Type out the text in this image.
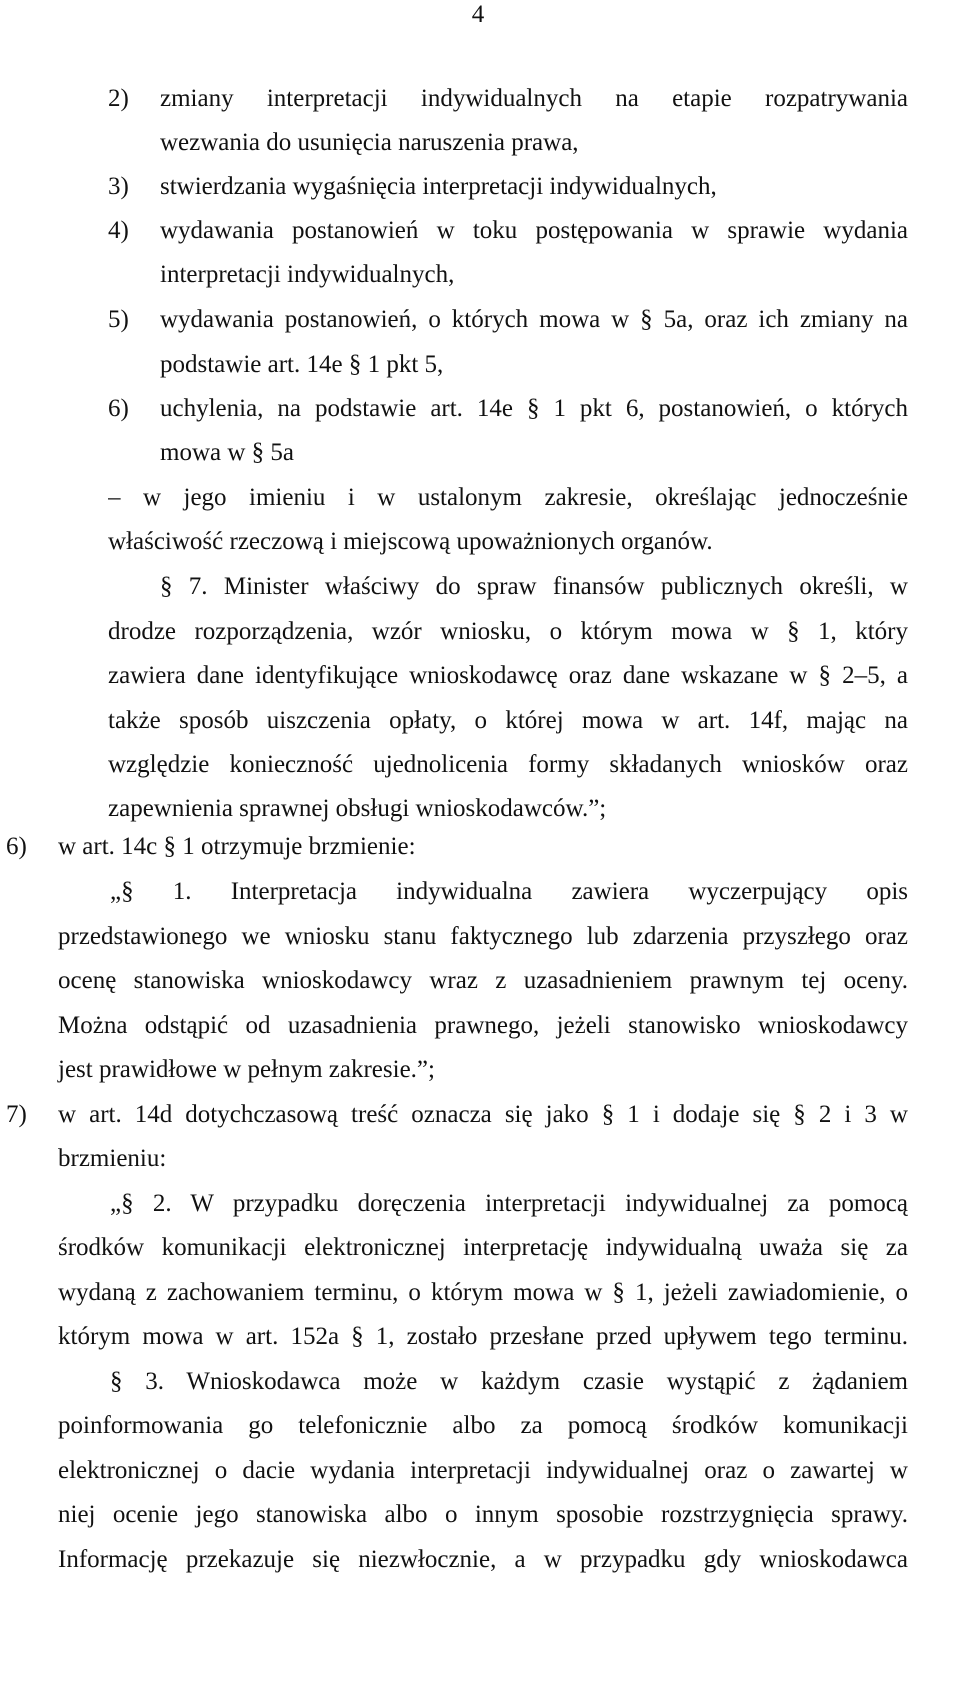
4
2) zmiany interpretacji indywidualnych na etapie rozpatrywania
wezwania do usunięcia naruszenia prawa,
3) stwierdzania wygaśnięcia interpretacji indywidualnych,
4) wydawania postanowień w toku postępowania w sprawie wydania
interpretacji indywidualnych,
5) wydawania postanowień, o których mowa w § 5a, oraz ich zmiany na
podstawie art. 14e § 1 pkt 5,
6) uchylenia, na podstawie art. 14e § 1 pkt 6, postanowień, o których
mowa w § 5a
– w jego imieniu i w ustalonym zakresie, określając jednocześnie
właściwość rzeczową i miejscową upoważnionych organów.
§ 7. Minister właściwy do spraw finansów publicznych określi, w
drodze rozporządzenia, wzór wniosku, o którym mowa w § 1, który
zawiera dane identyfikujące wnioskodawcę oraz dane wskazane w § 2–5, a
także sposób uiszczenia opłaty, o której mowa w art. 14f, mając na
względzie konieczność ujednolicenia formy składanych wniosków oraz
zapewnienia sprawnej obsługi wnioskodawców.”;
6) w art. 14c § 1 otrzymuje brzmienie:
„§ 1. Interpretacja indywidualna zawiera wyczerpujący opis
przedstawionego we wniosku stanu faktycznego lub zdarzenia przyszłego oraz
ocenę stanowiska wnioskodawcy wraz z uzasadnieniem prawnym tej oceny.
Można odstąpić od uzasadnienia prawnego, jeżeli stanowisko wnioskodawcy
jest prawidłowe w pełnym zakresie.”;
7) w art. 14d dotychczasową treść oznacza się jako § 1 i dodaje się § 2 i 3 w
brzmieniu:
„§ 2. W przypadku doręczenia interpretacji indywidualnej za pomocą
środków komunikacji elektronicznej interpretację indywidualną uważa się za
wydaną z zachowaniem terminu, o którym mowa w § 1, jeżeli zawiadomienie, o
którym mowa w art. 152a § 1, zostało przesłane przed upływem tego terminu.
§ 3. Wnioskodawca może w każdym czasie wystąpić z żądaniem
poinformowania go telefonicznie albo za pomocą środków komunikacji
elektronicznej o dacie wydania interpretacji indywidualnej oraz o zawartej w
niej ocenie jego stanowiska albo o innym sposobie rozstrzygnięcia sprawy.
Informację przekazuje się niezwłocznie, a w przypadku gdy wnioskodawca
